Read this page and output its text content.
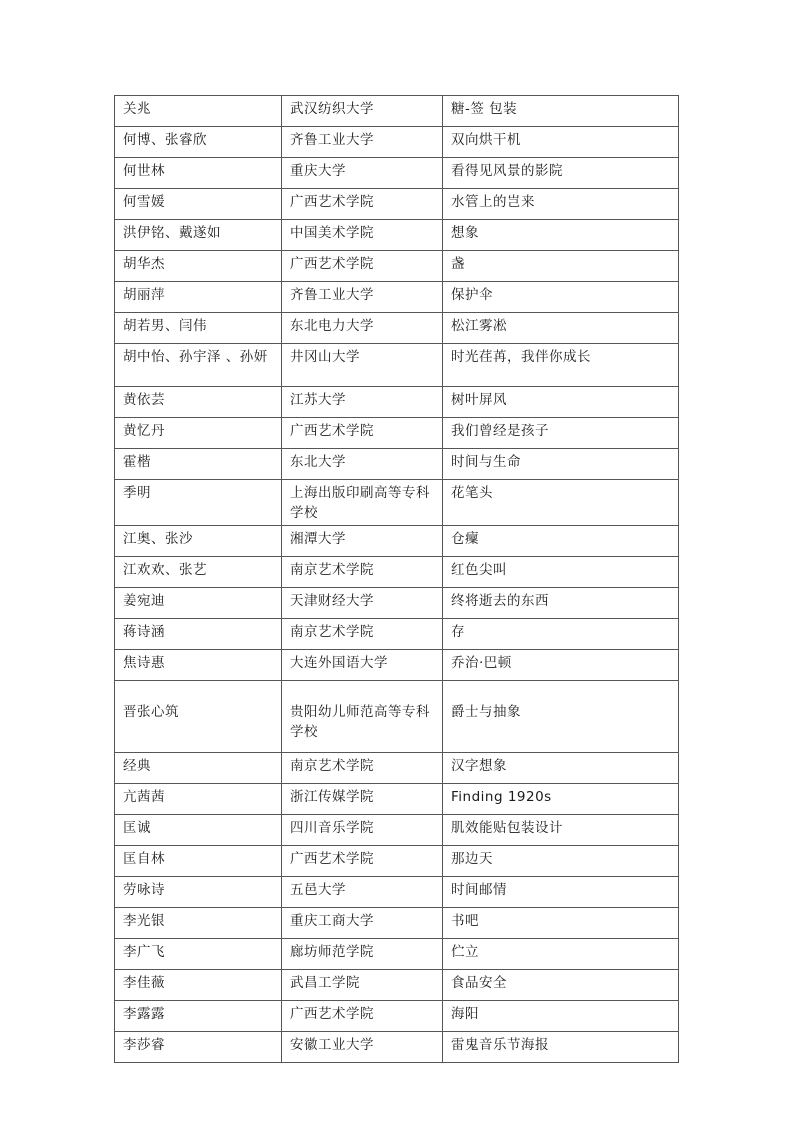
关兆	武汉纺织大学	糖-签 包装
何博、张睿欣	齐鲁工业大学	双向烘干机
何世林	重庆大学	看得见风景的影院
何雪媛	广西艺术学院	水管上的岂来
洪伊铭、戴遂如	中国美术学院	想象
胡华杰	广西艺术学院	盏
胡丽萍	齐鲁工业大学	保护伞
胡若男、闫伟	东北电力大学	松江雾凇
胡中怡、孙宇泽 、孙妍	井冈山大学	时光荏苒，我伴你成长
黄依芸	江苏大学	树叶屏风
黄忆丹	广西艺术学院	我们曾经是孩子
霍楷	东北大学	时间与生命
季明	上海出版印刷高等专科学校	花笔头
江奥、张沙	湘潭大学	仓癛
江欢欢、张艺	南京艺术学院	红色尖叫
姜宛迪	天津财经大学	终将逝去的东西
蒋诗涵	南京艺术学院	存
焦诗惠	大连外国语大学	乔治·巴顿
晋张心筑	贵阳幼儿师范高等专科学校	爵士与抽象
经典	南京艺术学院	汉字想象
亢茜茜	浙江传媒学院	Finding 1920s
匡诚	四川音乐学院	肌效能贴包装设计
匡自林	广西艺术学院	那边天
劳咏诗	五邑大学	时间邮情
李光银	重庆工商大学	书吧
李广飞	廊坊师范学院	伫立
李佳薇	武昌工学院	食品安全
李露露	广西艺术学院	海阳
李莎睿	安徽工业大学	雷鬼音乐节海报
